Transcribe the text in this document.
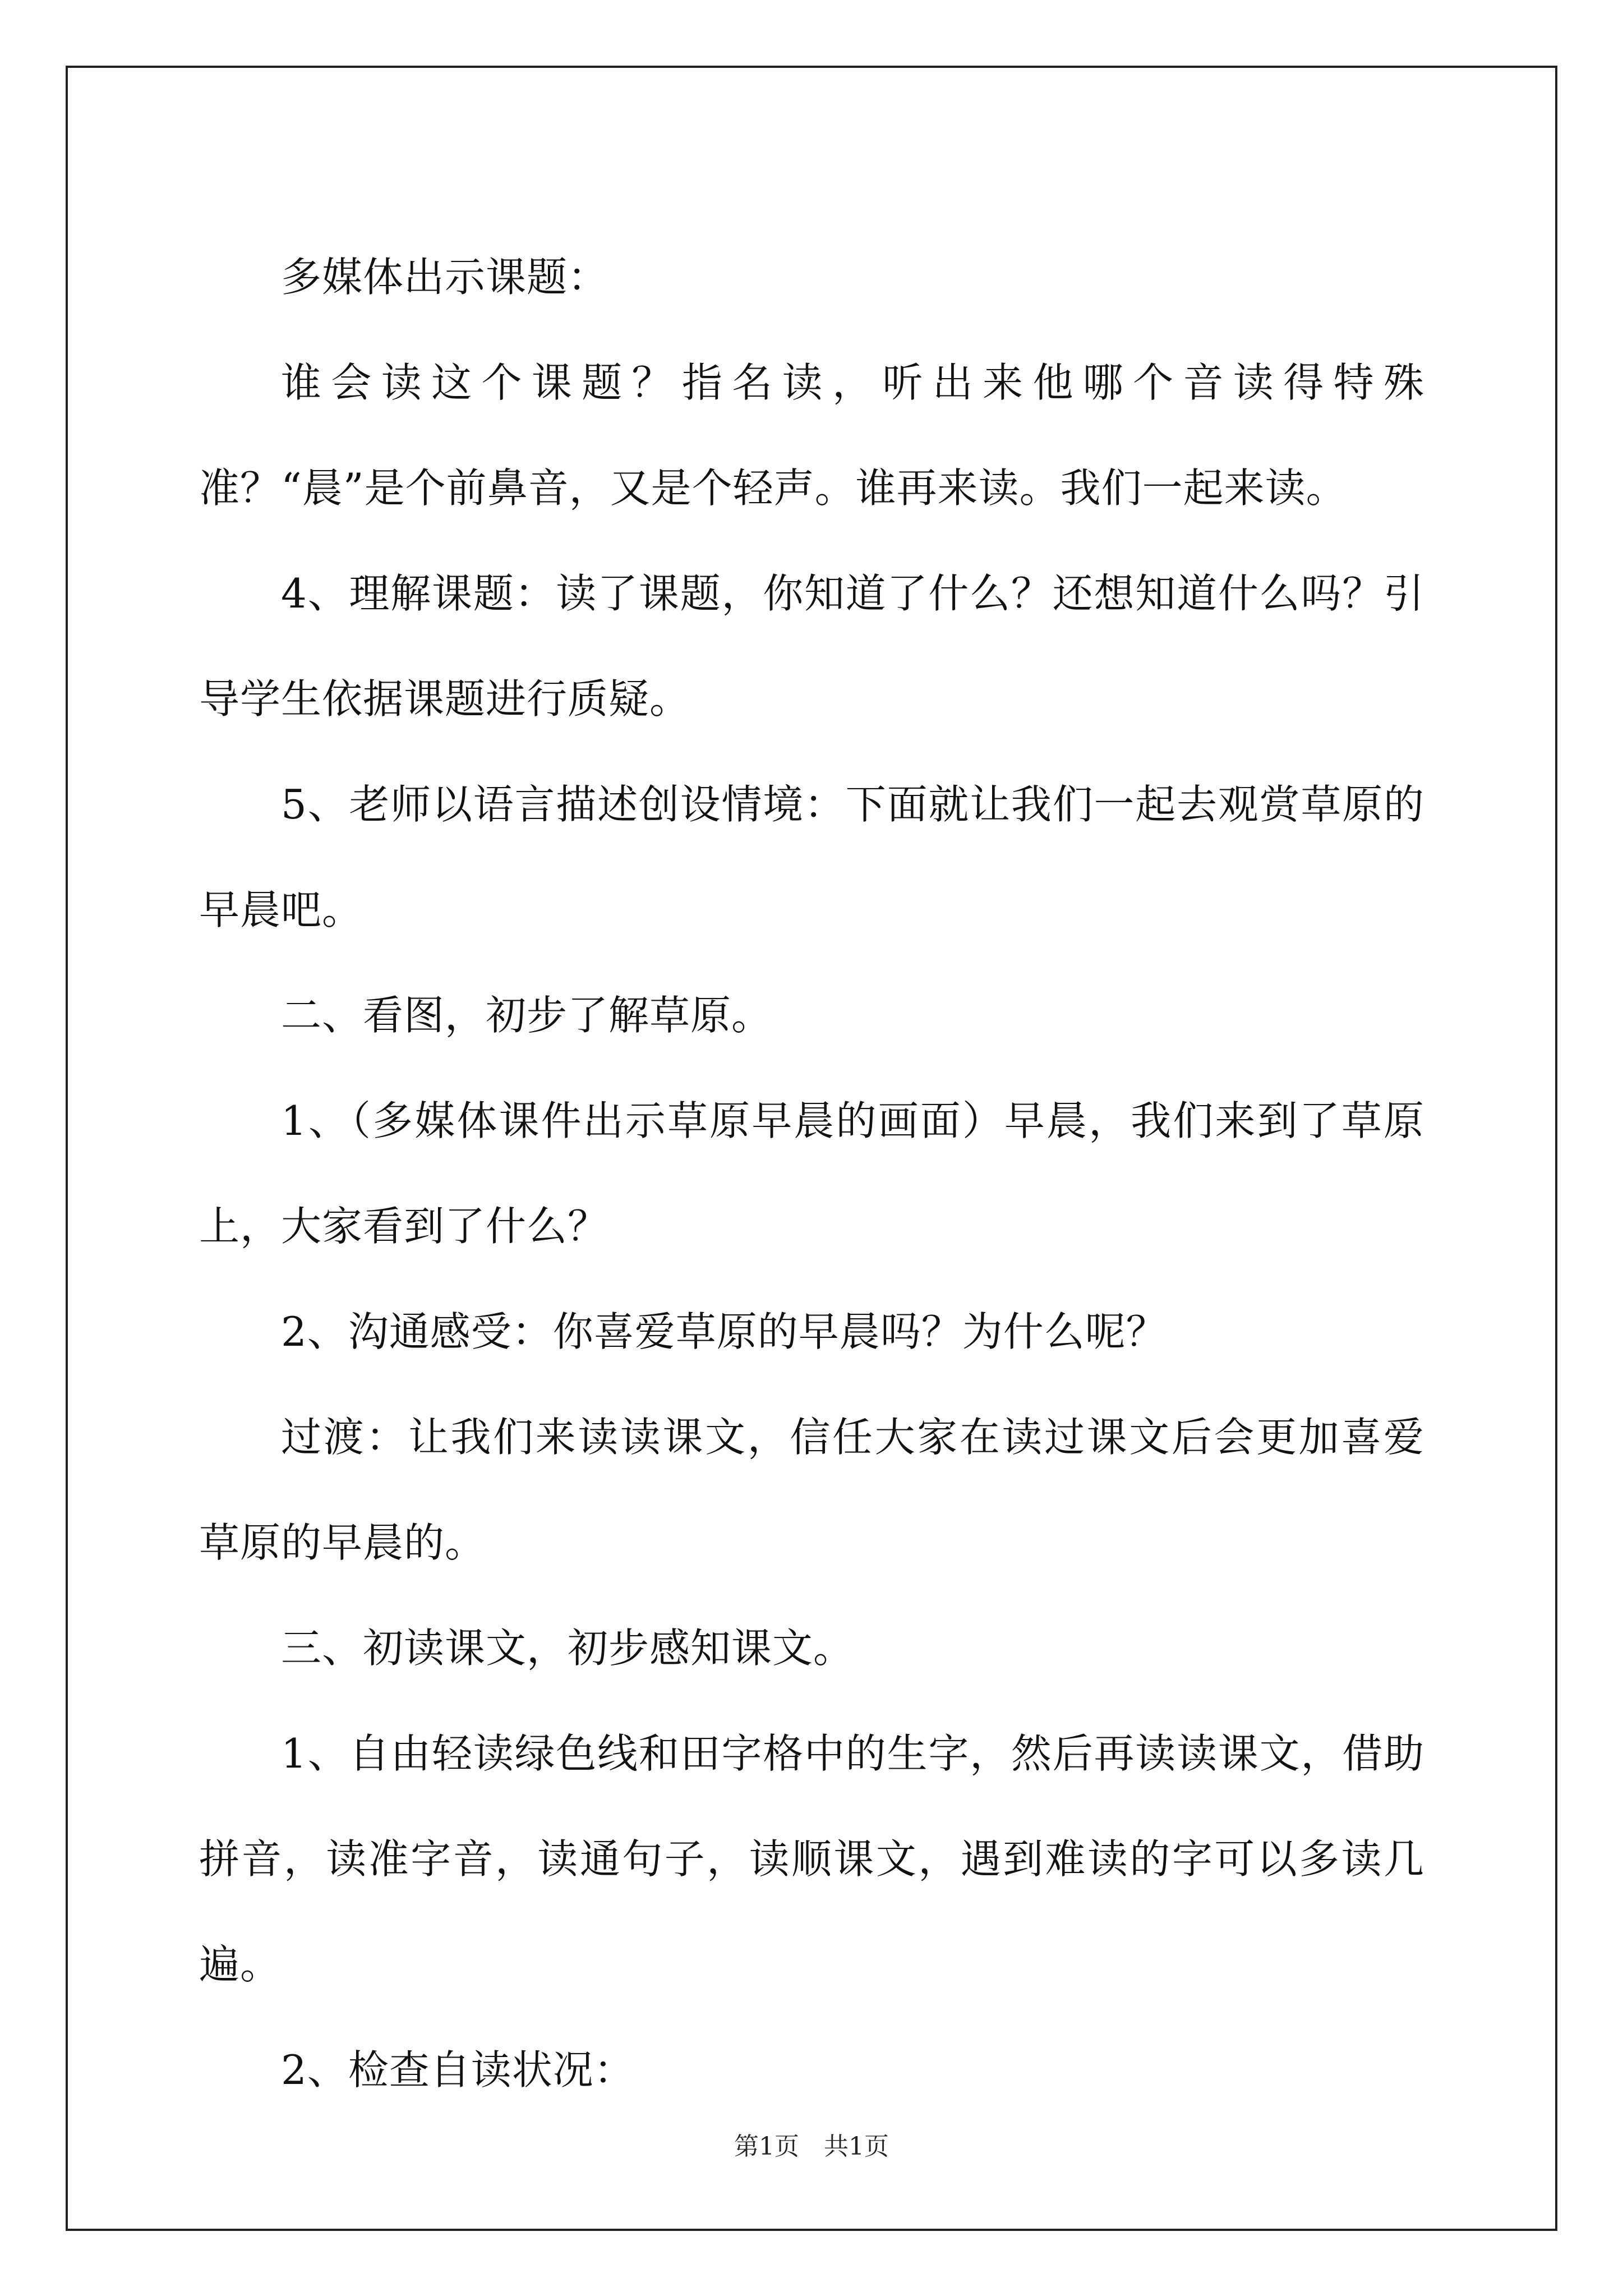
多媒体出示课题：

谁会读这个课题？指名读，听出来他哪个音读得特殊准？“晨”是个前鼻音，又是个轻声。谁再来读。我们一起来读。

4、理解课题：读了课题，你知道了什么？还想知道什么吗？引导学生依据课题进行质疑。

5、老师以语言描述创设情境：下面就让我们一起去观赏草原的早晨吧。

二、看图，初步了解草原。

1、（多媒体课件出示草原早晨的画面）早晨，我们来到了草原上，大家看到了什么？

2、沟通感受：你喜爱草原的早晨吗？为什么呢？

过渡：让我们来读读课文，信任大家在读过课文后会更加喜爱草原的早晨的。

三、初读课文，初步感知课文。

1、自由轻读绿色线和田字格中的生字，然后再读读课文，借助拼音，读准字音，读通句子，读顺课文，遇到难读的字可以多读几遍。

2、检查自读状况：

第1页　共1页
